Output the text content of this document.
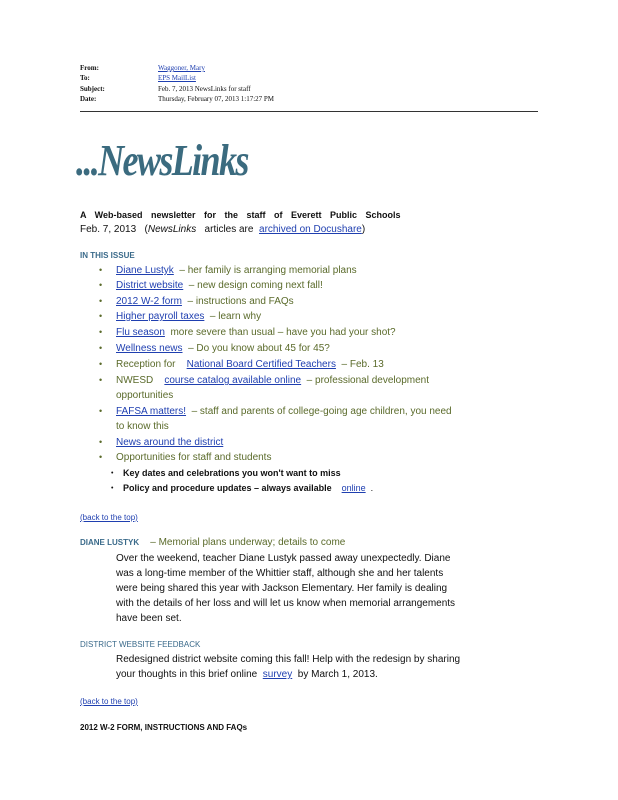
From:	Waggoner, Mary
To:	EPS MailList
Subject:	Feb. 7, 2013 NewsLinks for staff
Date:	Thursday, February 07, 2013 1:17:27 PM
...NewsLinks
A Web-based newsletter for the staff of Everett Public Schools
Feb. 7, 2013 (NewsLinks articles are archived on Docushare)
IN THIS ISSUE
• Diane Lustyk  – her family is arranging memorial plans
• District website  – new design coming next fall!
• 2012 W-2 form  – instructions and FAQs
• Higher payroll taxes  – learn why
• Flu season  more severe than usual – have you had your shot?
• Wellness news  – Do you know about 45 for 45?
• Reception for National Board Certified Teachers  – Feb. 13
• NWESD course catalog available online  – professional development
opportunities
• FAFSA matters!  – staff and parents of college-going age children, you need
to know this
• News around the district
• Opportunities for staff and students
• Key dates and celebrations you won't want to miss
• Policy and procedure updates – always available online  .
(back to the top)
DIANE LUSTYK – Memorial plans underway; details to come
Over the weekend, teacher Diane Lustyk passed away unexpectedly. Diane
was a long-time member of the Whittier staff, although she and her talents
were being shared this year with Jackson Elementary. Her family is dealing
with the details of her loss and will let us know when memorial arrangements
have been set.
DISTRICT WEBSITE FEEDBACK
Redesigned district website coming this fall! Help with the redesign by sharing
your thoughts in this brief online survey by March 1, 2013.
(back to the top)
2012 W-2 FORM, INSTRUCTIONS AND FAQs
